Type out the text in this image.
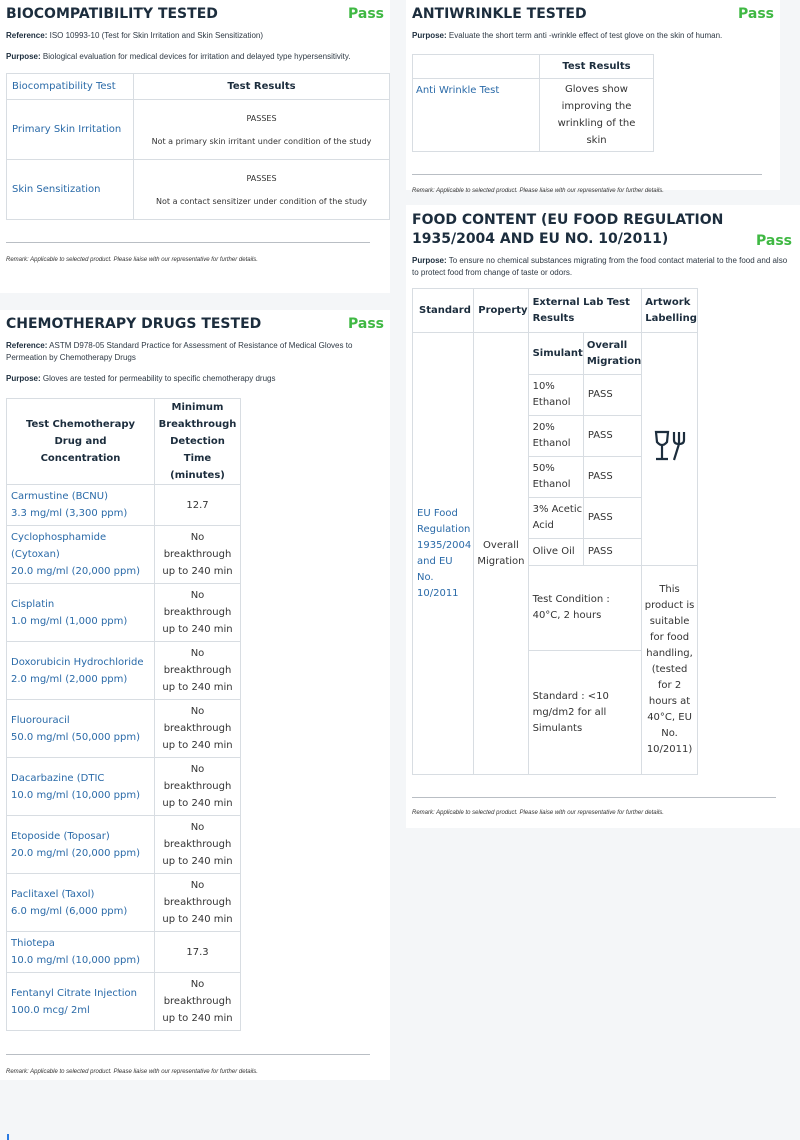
BIOCOMPATIBILITY TESTED	Pass
Reference: ISO 10993-10 (Test for Skin Irritation and Skin Sensitization)
Purpose: Biological evaluation for medical devices for irritation and delayed type hypersensitivity.
Biocompatibility Test	Test Results
Primary Skin Irritation	PASSES
Not a primary skin irritant under condition of the study

Skin Sensitization	PASSES
Not a contact sensitizer under condition of the study
Remark: Applicable to selected product. Please liaise with our representative for further details.
CHEMOTHERAPY DRUGS TESTED	Pass
Reference: ASTM D978-05 Standard Practice for Assessment of Resistance of Medical Gloves to Permeation by Chemotherapy Drugs
Purpose: Gloves are tested for permeability to specific chemotherapy drugs
Test Chemotherapy Drug and Concentration	Minimum Breakthrough Detection Time (minutes)

Carmustine (BCNU)
3.3 mg/ml (3,300 ppm)	12.7

Cyclophosphamide (Cytoxan)
20.0 mg/ml (20,000 ppm)	No breakthrough up to 240 min

Cisplatin
1.0 mg/ml (1,000 ppm)	No breakthrough up to 240 min

Doxorubicin Hydrochloride
2.0 mg/ml (2,000 ppm)	No breakthrough up to 240 min

Fluorouracil
50.0 mg/ml (50,000 ppm)	No breakthrough up to 240 min

Dacarbazine (DTIC
10.0 mg/ml (10,000 ppm)	No breakthrough up to 240 min

Etoposide (Toposar)
20.0 mg/ml (20,000 ppm)	No breakthrough up to 240 min

Paclitaxel (Taxol)
6.0 mg/ml (6,000 ppm)	No breakthrough up to 240 min

Thiotepa
10.0 mg/ml (10,000 ppm)	17.3

Fentanyl Citrate Injection
100.0 mcg/ 2ml	No breakthrough up to 240 min
Remark: Applicable to selected product. Please liaise with our representative for further details.
ANTIWRINKLE TESTED	Pass
Purpose: Evaluate the short term anti -wrinkle effect of test glove on the skin of human.
	Test Results
Anti Wrinkle Test	Gloves show improving the wrinkling of the skin
Remark: Applicable to selected product. Please liaise with our representative for further details.
FOOD CONTENT (EU FOOD REGULATION 1935/2004 AND EU NO. 10/2011)	Pass
Purpose: To ensure no chemical substances migrating from the food contact material to the food and also to protect food from change of taste or odors.
Standard	Property	External Lab Test Results		Artwork Labelling
EU Food Regulation 1935/2004 and EU No. 10/2011	Overall Migration	Simulant	Overall Migration	
		10% Ethanol	PASS	
		20% Ethanol	PASS	
		50% Ethanol	PASS	
		3% Acetic Acid	PASS	
		Olive Oil	PASS	
		Test Condition : 40°C, 2 hours		This product is suitable for food handling, (tested for 2 hours at 40°C, EU No. 10/2011)
		Standard : <10 mg/dm2 for all Simulants		
Remark: Applicable to selected product. Please liaise with our representative for further details.
